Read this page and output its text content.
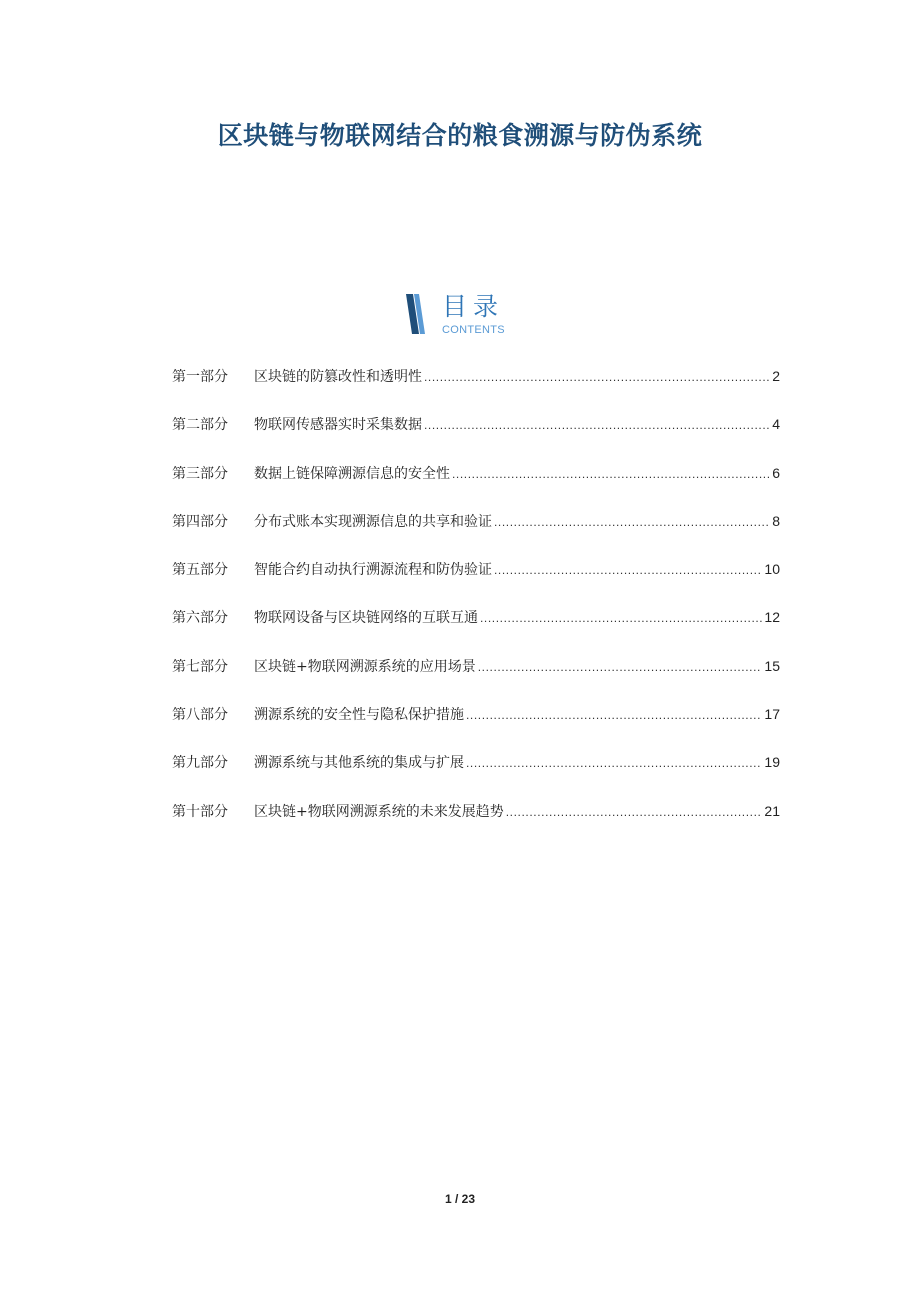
区块链与物联网结合的粮食溯源与防伪系统
目录
CONTENTS
第一部分	区块链的防篡改性和透明性 .....	2
第二部分	物联网传感器实时采集数据 .....	4
第三部分	数据上链保障溯源信息的安全性 .....	6
第四部分	分布式账本实现溯源信息的共享和验证 .....	8
第五部分	智能合约自动执行溯源流程和防伪验证 .....	10
第六部分	物联网设备与区块链网络的互联互通 .....	12
第七部分	区块链+物联网溯源系统的应用场景 .....	15
第八部分	溯源系统的安全性与隐私保护措施 .....	17
第九部分	溯源系统与其他系统的集成与扩展 .....	19
第十部分	区块链+物联网溯源系统的未来发展趋势 .....	21
1 / 23
